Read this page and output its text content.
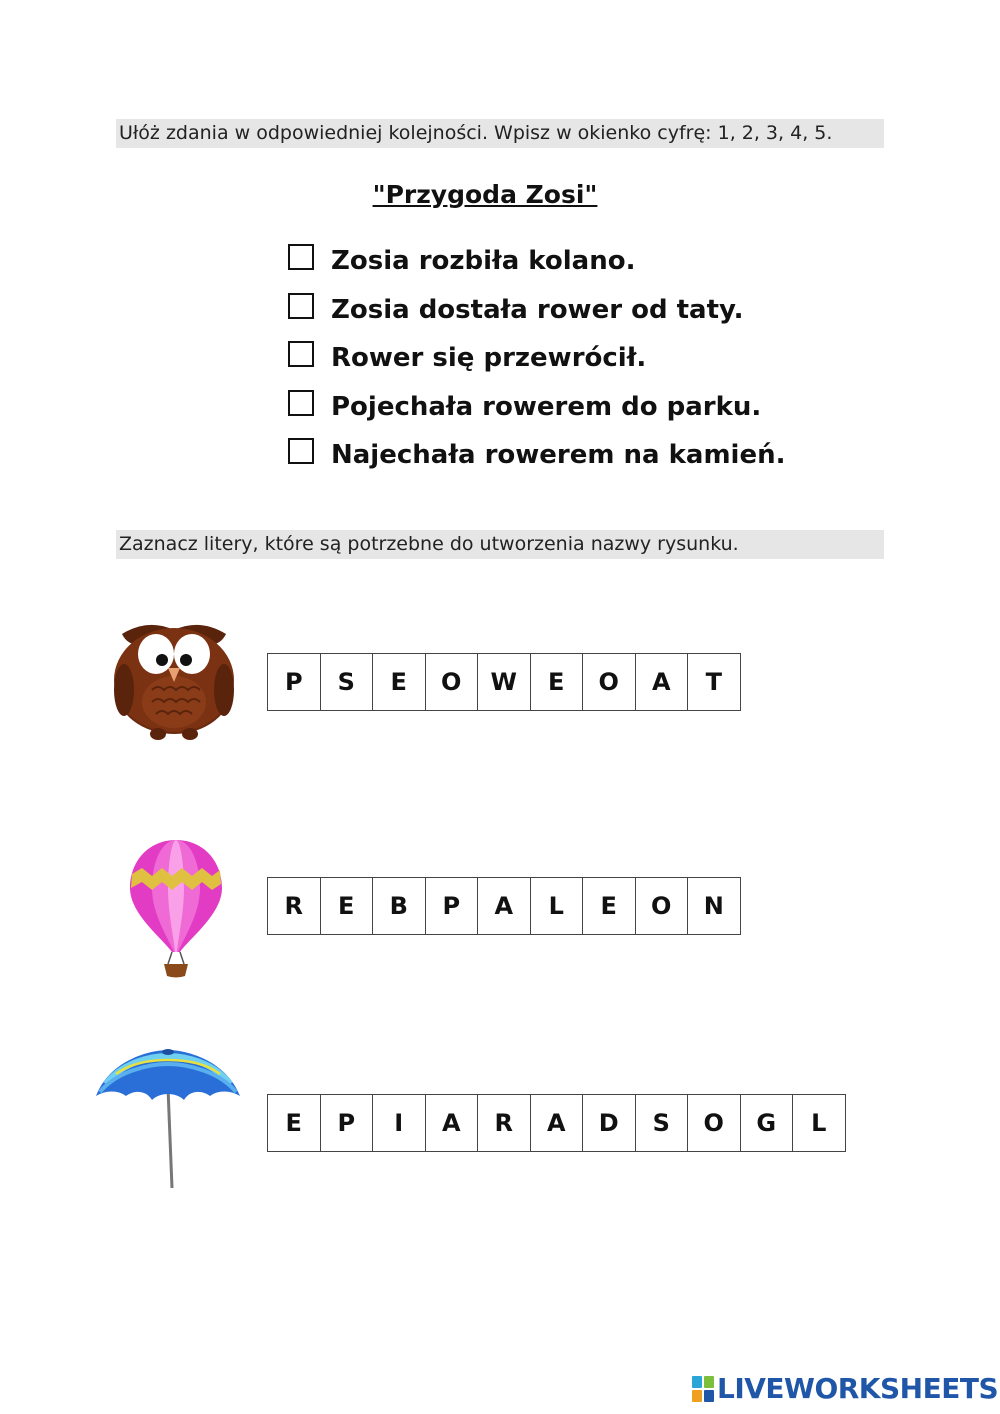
Ułóż zdania w odpowiedniej kolejności. Wpisz w okienko cyfrę: 1, 2, 3, 4, 5.
"Przygoda Zosi"
Zosia rozbiła kolano.
Zosia dostała rower od taty.
Rower się przewrócił.
Pojechała rowerem do parku.
Najechała rowerem na kamień.
Zaznacz litery, które są potrzebne do utworzenia nazwy rysunku.
P	S	E	O	W	E	O	A	T
R	E	B	P	A	L	E	O	N
E	P	I	A	R	A	D	S	O	G	L
LIVEWORKSHEETS
